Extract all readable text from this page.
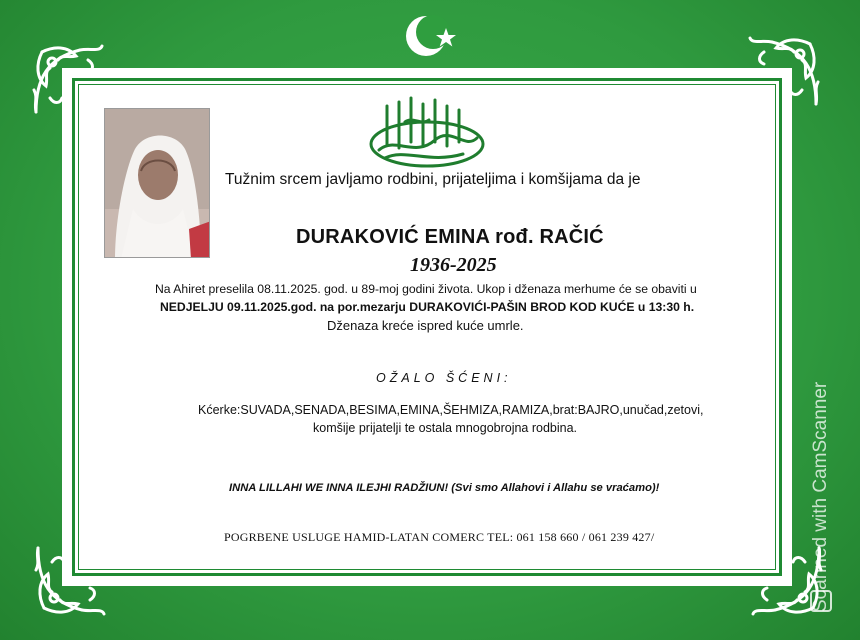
Tužnim srcem javljamo rodbini, prijateljima i komšijama da je
DURAKOVIĆ EMINA rođ. RAČIĆ
1936-2025
Na Ahiret preselila 08.11.2025. god. u 89-moj godini života. Ukop i dženaza merhume će se obaviti u
NEDJELJU 09.11.2025.god. na por.mezarju DURAKOVIĆI-PAŠIN BROD KOD KUĆE u 13:30 h.
Dženaza kreće ispred kuće umrle.
OŽALO ŠĆENI:
Kćerke:SUVADA,SENADA,BESIMA,EMINA,ŠEHMIZA,RAMIZA,brat:BAJRO,unučad,zetovi,
komšije prijatelji te ostala mnogobrojna rodbina.
INNA LILLAHI WE INNA ILEJHI RADŽIUN! (Svi smo Allahovi i Allahu se vraćamo)!
POGRBENE USLUGE HAMID-LATAN COMERC TEL: 061 158 660 / 061 239 427/	Scanned with CamScanner
